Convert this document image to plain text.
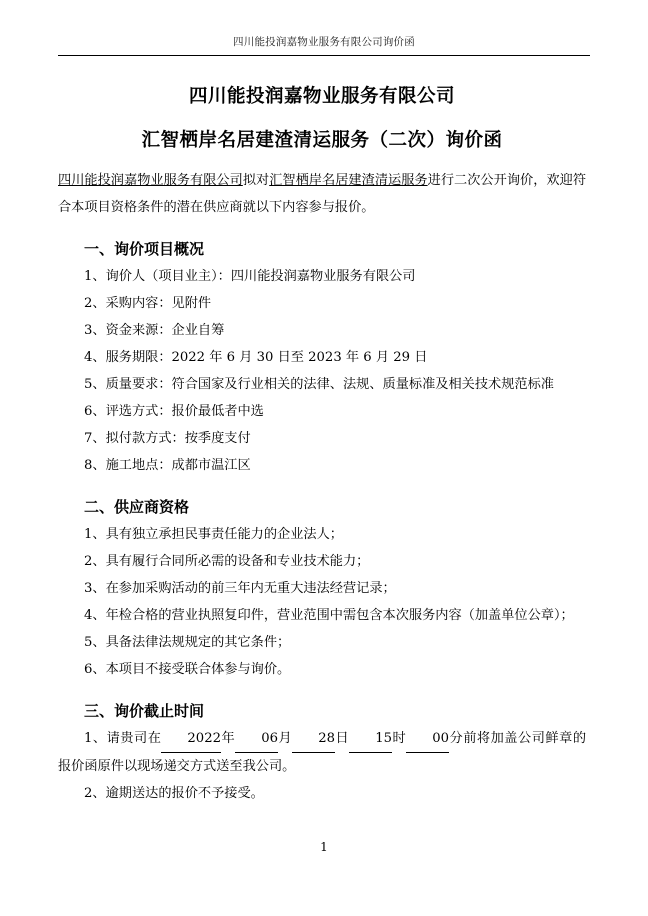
四川能投润嘉物业服务有限公司询价函
四川能投润嘉物业服务有限公司
汇智栖岸名居建渣清运服务（二次）询价函
四川能投润嘉物业服务有限公司拟对汇智栖岸名居建渣清运服务进行二次公开询价，欢迎符合本项目资格条件的潜在供应商就以下内容参与报价。
一、询价项目概况
1、询价人（项目业主）：四川能投润嘉物业服务有限公司
2、采购内容：见附件
3、资金来源：企业自筹
4、服务期限：2022 年 6 月 30 日至 2023 年 6 月 29 日
5、质量要求：符合国家及行业相关的法律、法规、质量标准及相关技术规范标准
6、评选方式：报价最低者中选
7、拟付款方式：按季度支付
8、施工地点：成都市温江区
二、供应商资格
1、具有独立承担民事责任能力的企业法人；
2、具有履行合同所必需的设备和专业技术能力；
3、在参加采购活动的前三年内无重大违法经营记录；
4、年检合格的营业执照复印件，营业范围中需包含本次服务内容（加盖单位公章）；
5、具备法律法规规定的其它条件；
6、本项目不接受联合体参与询价。
三、询价截止时间
1、请贵司在 2022年 06月 28日 15时 00分前将加盖公司鲜章的报价函原件以现场递交方式送至我公司。
2、逾期送达的报价不予接受。
1
